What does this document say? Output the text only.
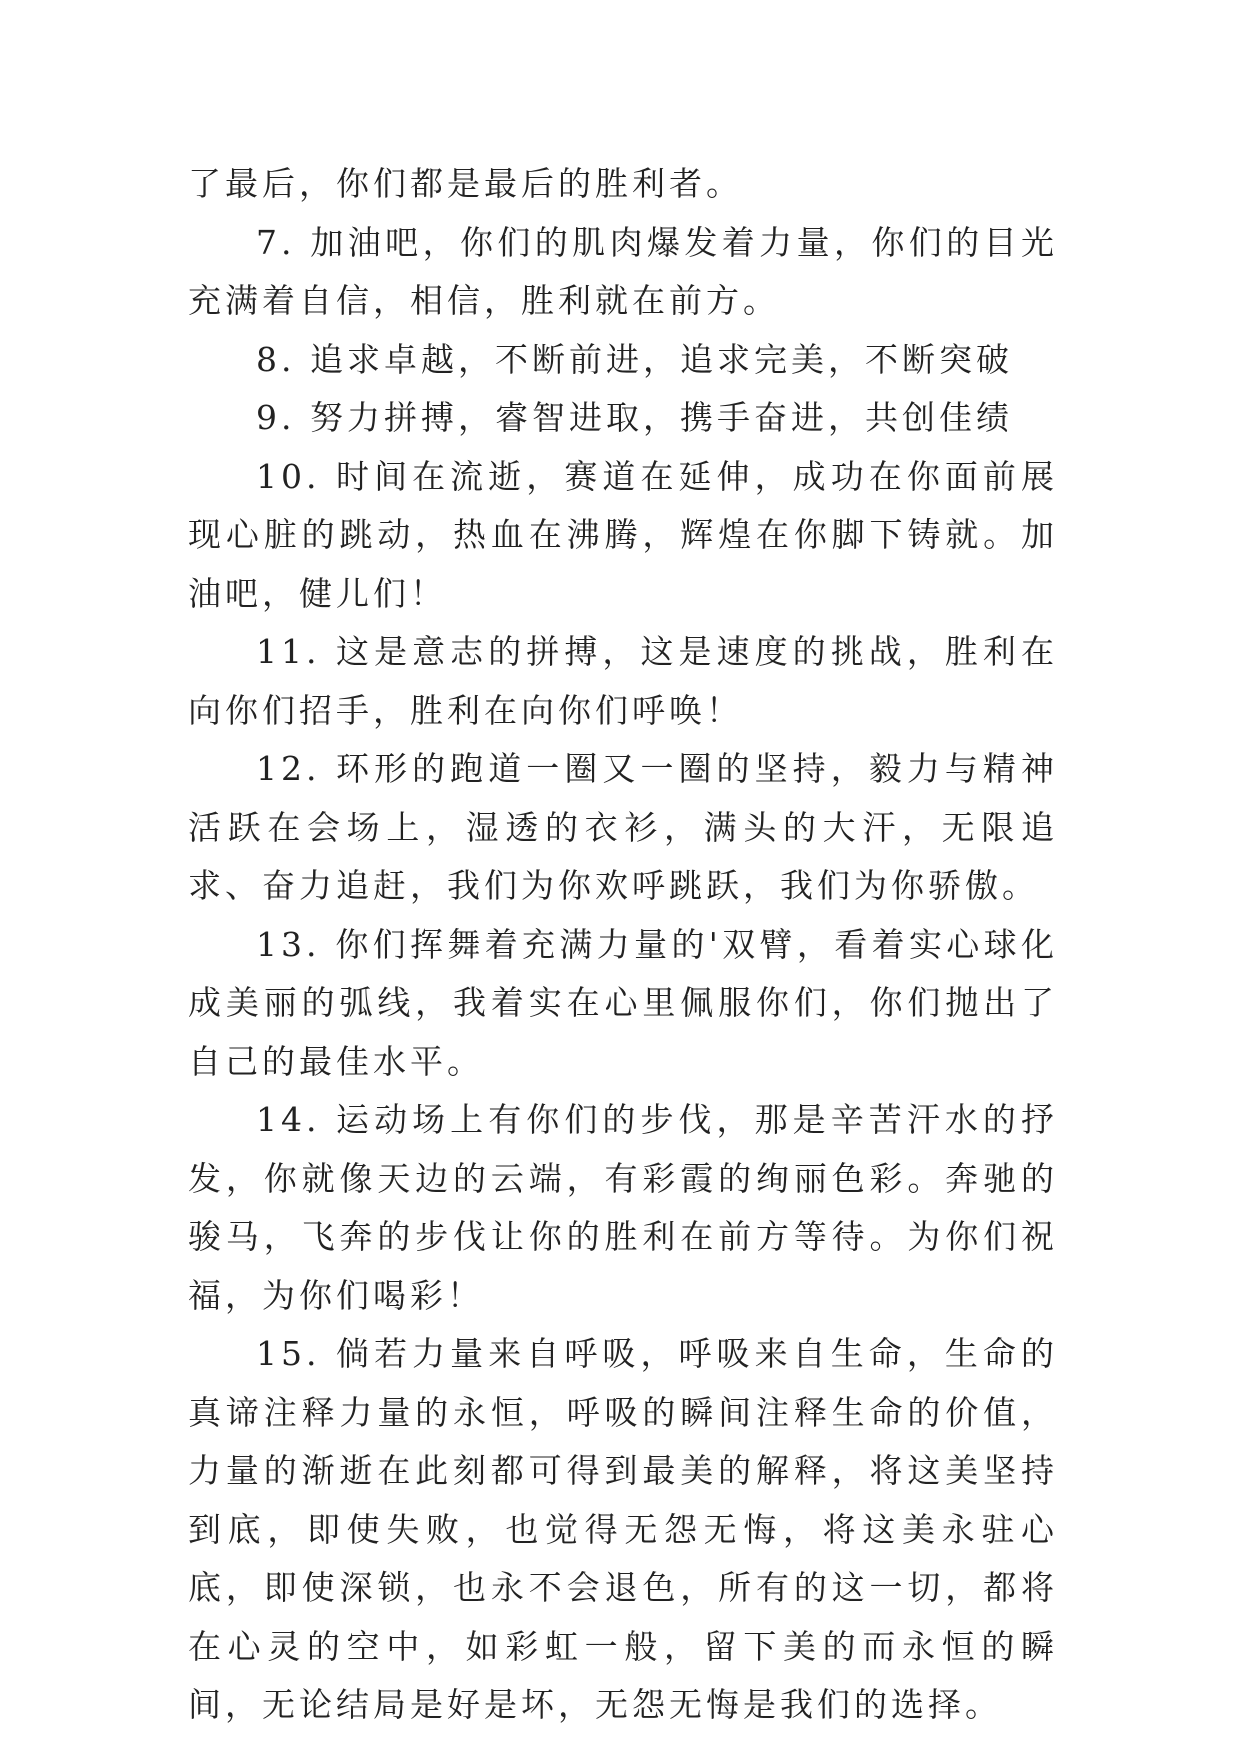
了最后，你们都是最后的胜利者。

7. 加油吧，你们的肌肉爆发着力量，你们的目光充满着自信，相信，胜利就在前方。

8. 追求卓越，不断前进，追求完美，不断突破

9. 努力拼搏，睿智进取，携手奋进，共创佳绩

10. 时间在流逝，赛道在延伸，成功在你面前展现心脏的跳动，热血在沸腾，辉煌在你脚下铸就。加油吧，健儿们！

11. 这是意志的拼搏，这是速度的挑战，胜利在向你们招手，胜利在向你们呼唤！

12. 环形的跑道一圈又一圈的坚持，毅力与精神活跃在会场上，湿透的衣衫，满头的大汗，无限追求、奋力追赶，我们为你欢呼跳跃，我们为你骄傲。

13. 你们挥舞着充满力量的'双臂，看着实心球化成美丽的弧线，我着实在心里佩服你们，你们抛出了自己的最佳水平。

14. 运动场上有你们的步伐，那是辛苦汗水的抒发，你就像天边的云端，有彩霞的绚丽色彩。奔驰的骏马，飞奔的步伐让你的胜利在前方等待。为你们祝福，为你们喝彩！

15. 倘若力量来自呼吸，呼吸来自生命，生命的真谛注释力量的永恒，呼吸的瞬间注释生命的价值，力量的渐逝在此刻都可得到最美的解释，将这美坚持到底，即使失败，也觉得无怨无悔，将这美永驻心底，即使深锁，也永不会退色，所有的这一切，都将在心灵的空中，如彩虹一般，留下美的而永恒的瞬间，无论结局是好是坏，无怨无悔是我们的选择。
